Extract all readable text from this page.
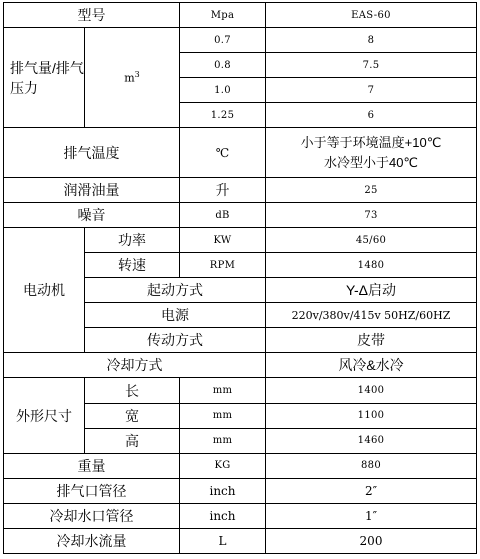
型号		Mpa	EAS-60
排气量/排气压力	$m^3$	0.7	8
		0.8	7.5
		1.0	7
		1.25	6
排气温度		℃	小于等于环境温度+10℃
水冷型小于40℃

润滑油量		升	25
噪音		dB	73
电动机	功率	KW	45/60
	转速	RPM	1480
	起动方式		Y-Δ启动
	电源		220v/380v/415v 50HZ/60HZ
	传动方式		皮带
冷却方式			风冷&水冷
外形尺寸	长	mm	1400
	宽	mm	1100
	高	mm	1460
重量		KG	880
排气口管径		inch	2″
冷却水口管径		inch	1″
冷却水流量		L	200
